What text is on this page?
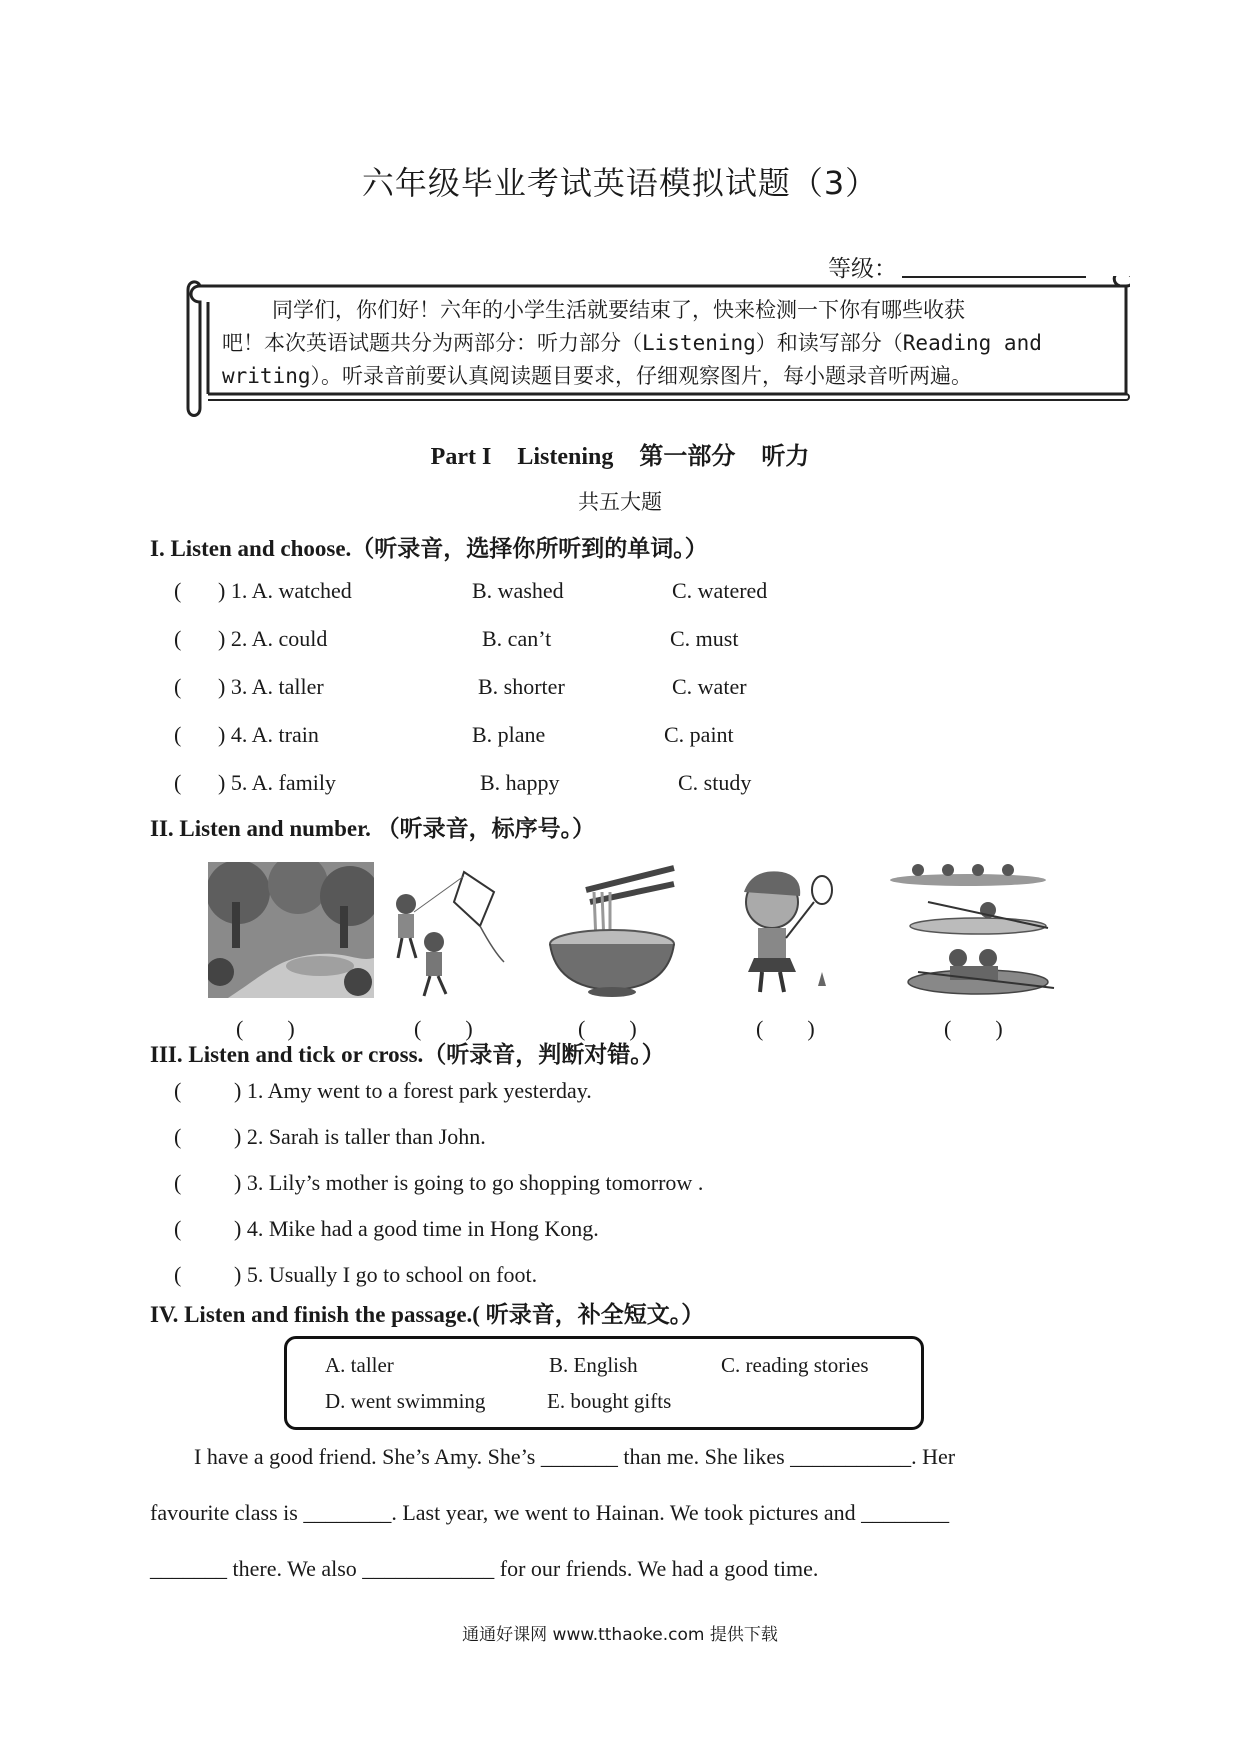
六年级毕业考试英语模拟试题（3）
等级：
同学们，你们好！六年的小学生活就要结束了，快来检测一下你有哪些收获
吧！本次英语试题共分为两部分：听力部分（Listening）和读写部分（Reading and
writing）。听录音前要认真阅读题目要求，仔细观察图片，每小题录音听两遍。
Part I Listening 第一部分 听力
共五大题
I. Listen and choose.（听录音，选择你所听到的单词。）
( ) 1. A. watched	B. washed	C. watered
( ) 2. A. could	B. can’t	C. must
( ) 3. A. taller	B. shorter	C. water
( ) 4. A. train	B. plane	C. paint
( ) 5. A. family	B. happy	C. study
II. Listen and number. （听录音，标序号。）
(　　)	(　　)	(　　)	(　　)	(　　)
III. Listen and tick or cross.（听录音，判断对错。）
( ) 1. Amy went to a forest park yesterday.
( ) 2. Sarah is taller than John.
( ) 3. Lily’s mother is going to go shopping tomorrow .
( ) 4. Mike had a good time in Hong Kong.
( ) 5. Usually I go to school on foot.
IV. Listen and finish the passage.( 听录音，补全短文。）
A. taller	B. English	C. reading stories
D. went swimming	E. bought gifts
I have a good friend. She’s Amy. She’s _______ than me. She likes ___________. Her
favourite class is ________. Last year, we went to Hainan. We took pictures and ________
_______ there. We also ____________ for our friends. We had a good time.
通通好课网 www.tthaoke.com 提供下载
